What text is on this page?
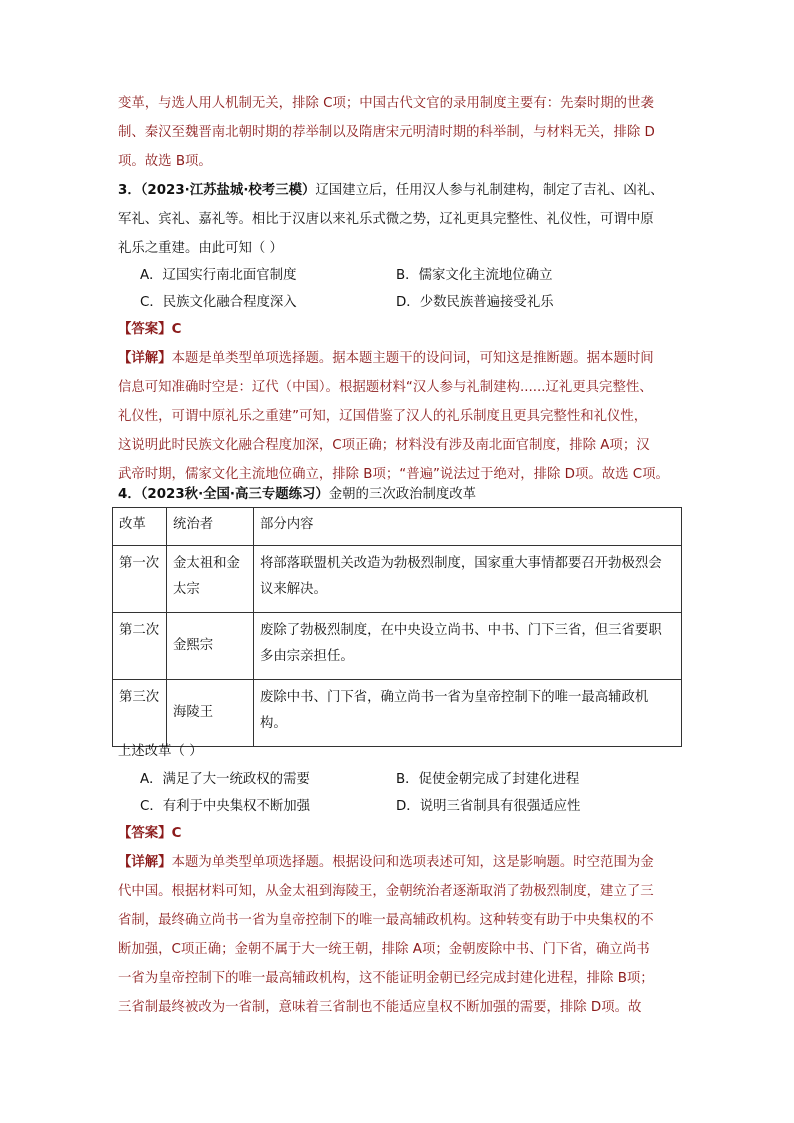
变革，与选人用人机制无关，排除 C项；中国古代文官的录用制度主要有：先秦时期的世袭
制、秦汉至魏晋南北朝时期的荐举制以及隋唐宋元明清时期的科举制，与材料无关，排除 D
项。故选 B项。
3．（2023·江苏盐城·校考三模）辽国建立后，任用汉人参与礼制建构，制定了吉礼、凶礼、
军礼、宾礼、嘉礼等。相比于汉唐以来礼乐式微之势，辽礼更具完整性、礼仪性，可谓中原
礼乐之重建。由此可知（ ）
A．辽国实行南北面官制度	B．儒家文化主流地位确立
C．民族文化融合程度深入	D．少数民族普遍接受礼乐
【答案】C
【详解】本题是单类型单项选择题。据本题主题干的设问词，可知这是推断题。据本题时间
信息可知准确时空是：辽代（中国）。根据题材料“汉人参与礼制建构......辽礼更具完整性、
礼仪性，可谓中原礼乐之重建”可知，辽国借鉴了汉人的礼乐制度且更具完整性和礼仪性，
这说明此时民族文化融合程度加深，C项正确；材料没有涉及南北面官制度，排除 A项；汉
武帝时期，儒家文化主流地位确立，排除 B项；“普遍”说法过于绝对，排除 D项。故选 C项。
4．（2023秋·全国·高三专题练习）金朝的三次政治制度改革
改革	统治者	部分内容
第一次	金太祖和金太宗	将部落联盟机关改造为勃极烈制度，国家重大事情都要召开勃极烈会议来解决。
第二次	金熙宗	废除了勃极烈制度，在中央设立尚书、中书、门下三省，但三省要职多由宗亲担任。
第三次	海陵王	废除中书、门下省，确立尚书一省为皇帝控制下的唯一最高辅政机构。
上述改革（ ）
A．满足了大一统政权的需要	B．促使金朝完成了封建化进程
C．有利于中央集权不断加强	D．说明三省制具有很强适应性
【答案】C
【详解】本题为单类型单项选择题。根据设问和选项表述可知，这是影响题。时空范围为金
代中国。根据材料可知，从金太祖到海陵王，金朝统治者逐渐取消了勃极烈制度，建立了三
省制，最终确立尚书一省为皇帝控制下的唯一最高辅政机构。这种转变有助于中央集权的不
断加强，C项正确；金朝不属于大一统王朝，排除 A项；金朝废除中书、门下省，确立尚书
一省为皇帝控制下的唯一最高辅政机构，这不能证明金朝已经完成封建化进程，排除 B项；
三省制最终被改为一省制，意味着三省制也不能适应皇权不断加强的需要，排除 D项。故
